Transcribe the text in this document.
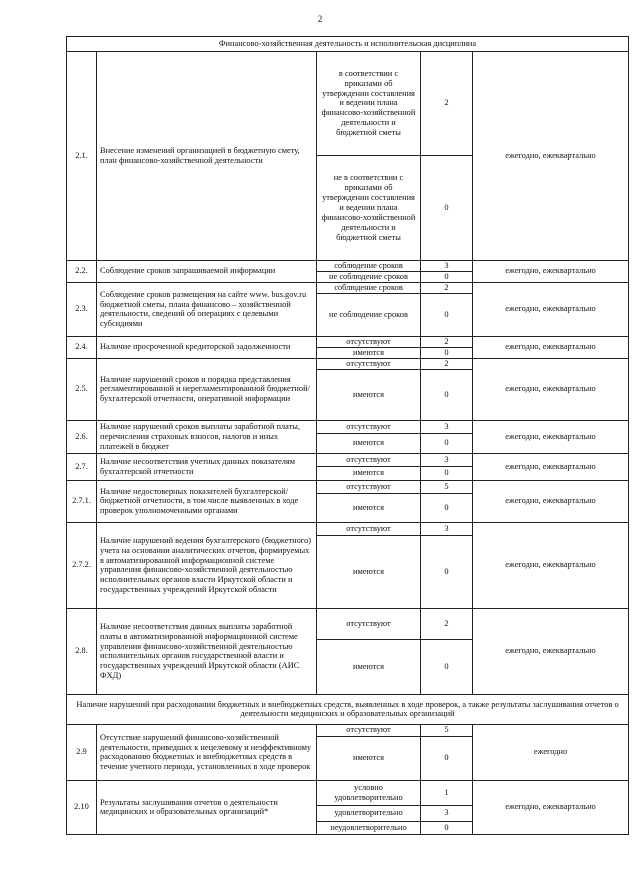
2
Финансово-хозяйственная деятельность и исполнительская дисциплина				
2.1.	Внесение изменений организацией в бюджетную смету, план финансово-хозяйственной деятельности	в соответствии с приказами об утверждении составления и ведении плана финансово-хозяйственной деятельности и бюджетной сметы	2	ежегодно, ежеквартально
		не в соответствии с приказами об утверждении составления и ведении плана финансово-хозяйственной деятельности и бюджетной сметы	0	
2.2.	Соблюдение сроков запрашиваемой информации	соблюдение сроков	3	ежегодно, ежеквартально
		не соблюдение сроков	0	
2.3.	Соблюдение сроков размещения на сайте www. bus.gov.ru бюджетной сметы, плана финансово – хозяйственной деятельности, сведений об операциях с целевыми субсидиями	соблюдение сроков	2	ежегодно, ежеквартально
		не соблюдение сроков	0	
2.4.	Наличие просроченной кредиторской задолженности	отсутствуют	2	ежегодно, ежеквартально
		имеются	0	
2.5.	Наличие нарушений сроков и порядка представления регламентированной и нерегламентированной бюджетной/бухгалтерской отчетности, оперативной информации	отсутствуют	2	ежегодно, ежеквартально
		имеются	0	
2.6.	Наличие нарушений сроков выплаты заработной платы, перечисления страховых взносов, налогов и иных платежей в бюджет	отсутствуют	3	ежегодно, ежеквартально
		имеются	0	
2.7.	Наличие несоответствия учетных данных показателям бухгалтерской отчетности	отсутствуют	3	ежегодно, ежеквартально
		имеются	0	
2.7.1.	Наличие недостоверных показателей бухгалтерской/бюджетной отчетности, в том числе выявленных в ходе проверок уполномоченными органами	отсутствуют	5	ежегодно, ежеквартально
		имеются	0	
2.7.2.	Наличие нарушений ведения бухгалтерского (бюджетного) учета на основании аналитических отчетов, формируемых в автоматизированной информационной системе управления финансово-хозяйственной деятельностью исполнительных органов власти Иркутской области и государственных учреждений Иркутской области	отсутствуют	3	ежегодно, ежеквартально
		имеются	0	
2.8.	Наличие несоответствия данных выплаты заработной платы в автоматизированной информационной системе управления финансово-хозяйственной деятельностью исполнительных органов государственной власти и государственных учреждений Иркутской области (АИС ФХД)	отсутствуют	2	ежегодно, ежеквартально
		имеются	0	
Наличие нарушений при расходовании бюджетных и внебюджетных средств, выявленных в ходе проверок, а также результаты заслушивания отчетов о деятельности медицинских и образовательных организаций				
2.9	Отсутствие нарушений финансово-хозяйственной деятельности, приведших к нецелевому и неэффективному расходованию бюджетных и внебюджетных средств в течение учетного периода, установленных в ходе проверок	отсутствуют	5	ежегодно
		имеются	0	
2.10	Результаты заслушивания отчетов о деятельности медицинских и образовательных организаций*	условно удовлетворительно	1	ежегодно, ежеквартально
		удовлетворительно	3	
		неудовлетворительно	0	
